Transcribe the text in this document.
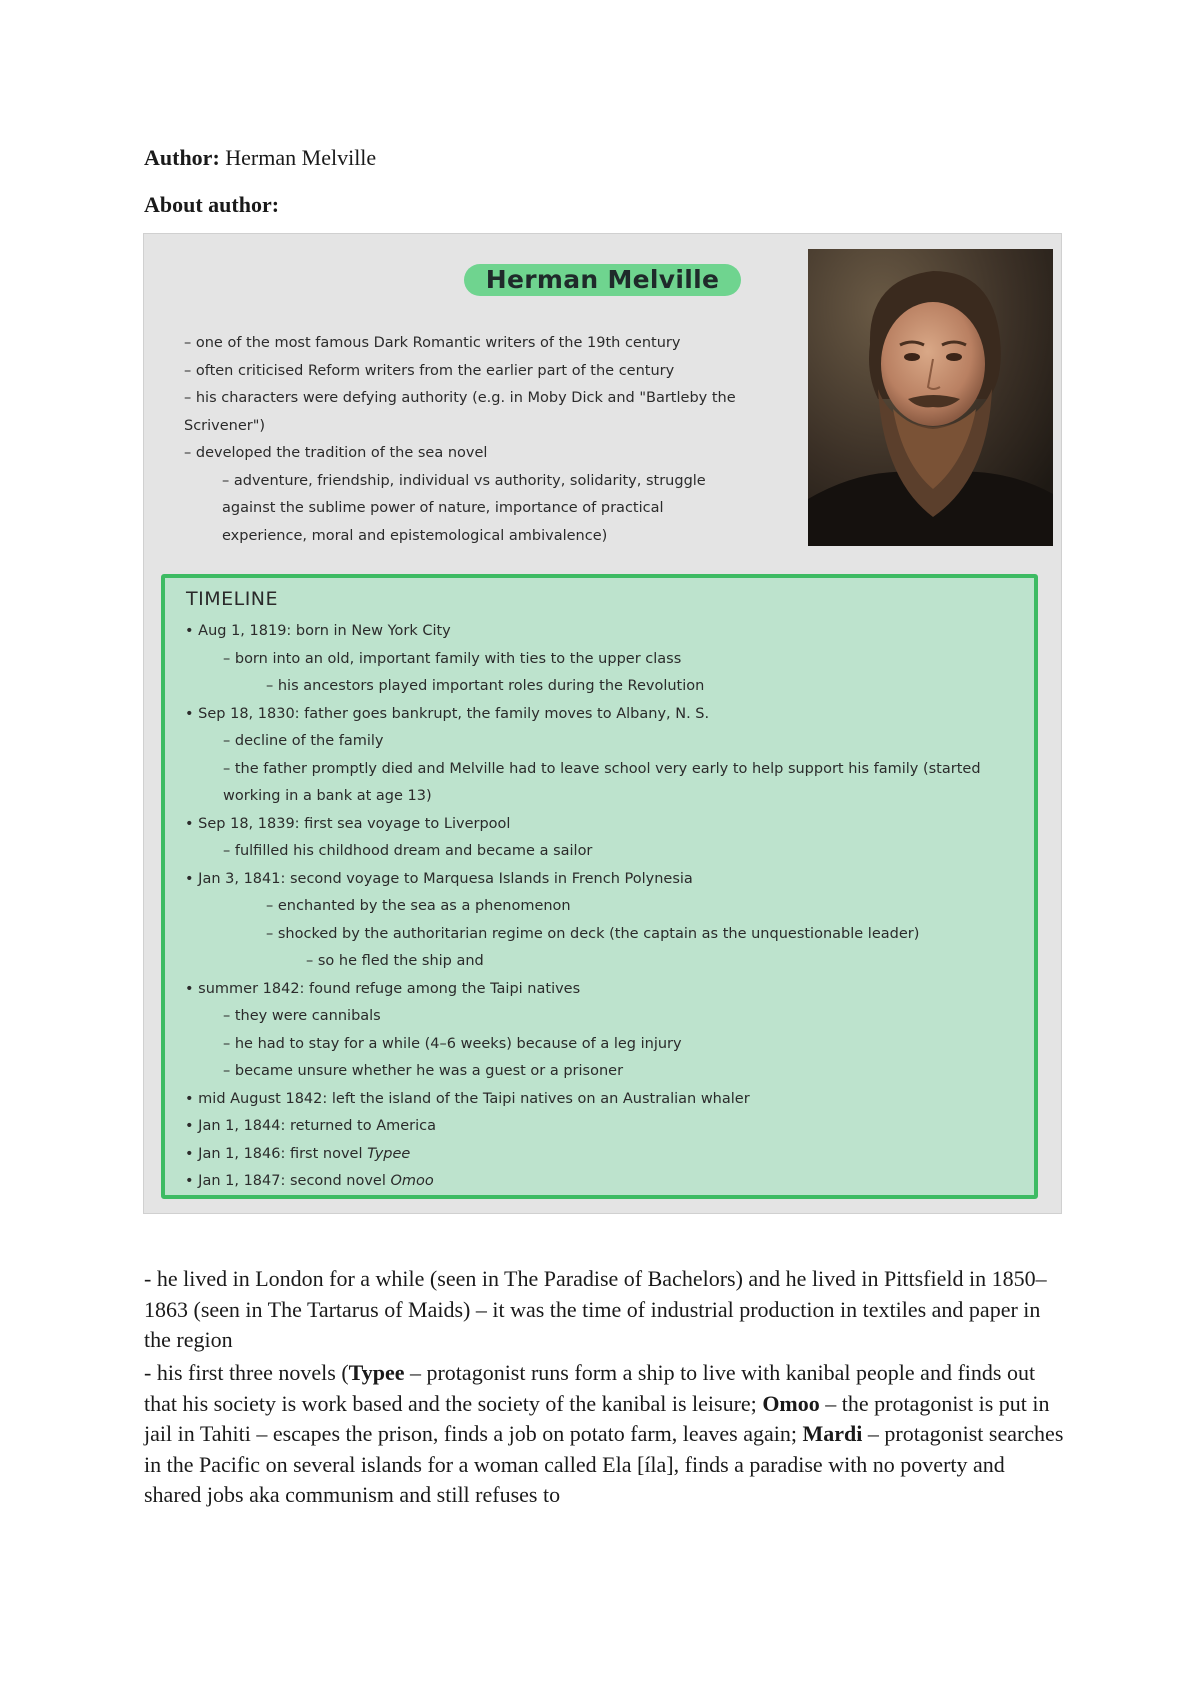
Author: Herman Melville

About author:

Herman Melville
– one of the most famous Dark Romantic writers of the 19th century
– often criticised Reform writers from the earlier part of the century
– his characters were defying authority (e.g. in Moby Dick and "Bartleby the Scrivener")
– developed the tradition of the sea novel
– adventure, friendship, individual vs authority, solidarity, struggle
against the sublime power of nature, importance of practical
experience, moral and epistemological ambivalence)
TIMELINE
• Aug 1, 1819: born in New York City
– born into an old, important family with ties to the upper class
– his ancestors played important roles during the Revolution
• Sep 18, 1830: father goes bankrupt, the family moves to Albany, N. S.
– decline of the family
– the father promptly died and Melville had to leave school very early to help support his family (started working in a bank at age 13)
• Sep 18, 1839: first sea voyage to Liverpool
– fulfilled his childhood dream and became a sailor
• Jan 3, 1841: second voyage to Marquesa Islands in French Polynesia
– enchanted by the sea as a phenomenon
– shocked by the authoritarian regime on deck (the captain as the unquestionable leader)
– so he fled the ship and
• summer 1842: found refuge among the Taipi natives
– they were cannibals
– he had to stay for a while (4–6 weeks) because of a leg injury
– became unsure whether he was a guest or a prisoner
• mid August 1842: left the island of the Taipi natives on an Australian whaler
• Jan 1, 1844: returned to America
• Jan 1, 1846: first novel Typee
• Jan 1, 1847: second novel Omoo

- he lived in London for a while (seen in The Paradise of Bachelors) and he lived in Pittsfield in 1850–1863 (seen in The Tartarus of Maids) – it was the time of industrial production in textiles and paper in the region

- his first three novels (Typee – protagonist runs form a ship to live with kanibal people and finds out that his society is work based and the society of the kanibal is leisure; Omoo – the protagonist is put in jail in Tahiti – escapes the prison, finds a job on potato farm, leaves again; Mardi – protagonist searches in the Pacific on several islands for a woman called Ela [íla], finds a paradise with no poverty and shared jobs aka communism and still refuses to
